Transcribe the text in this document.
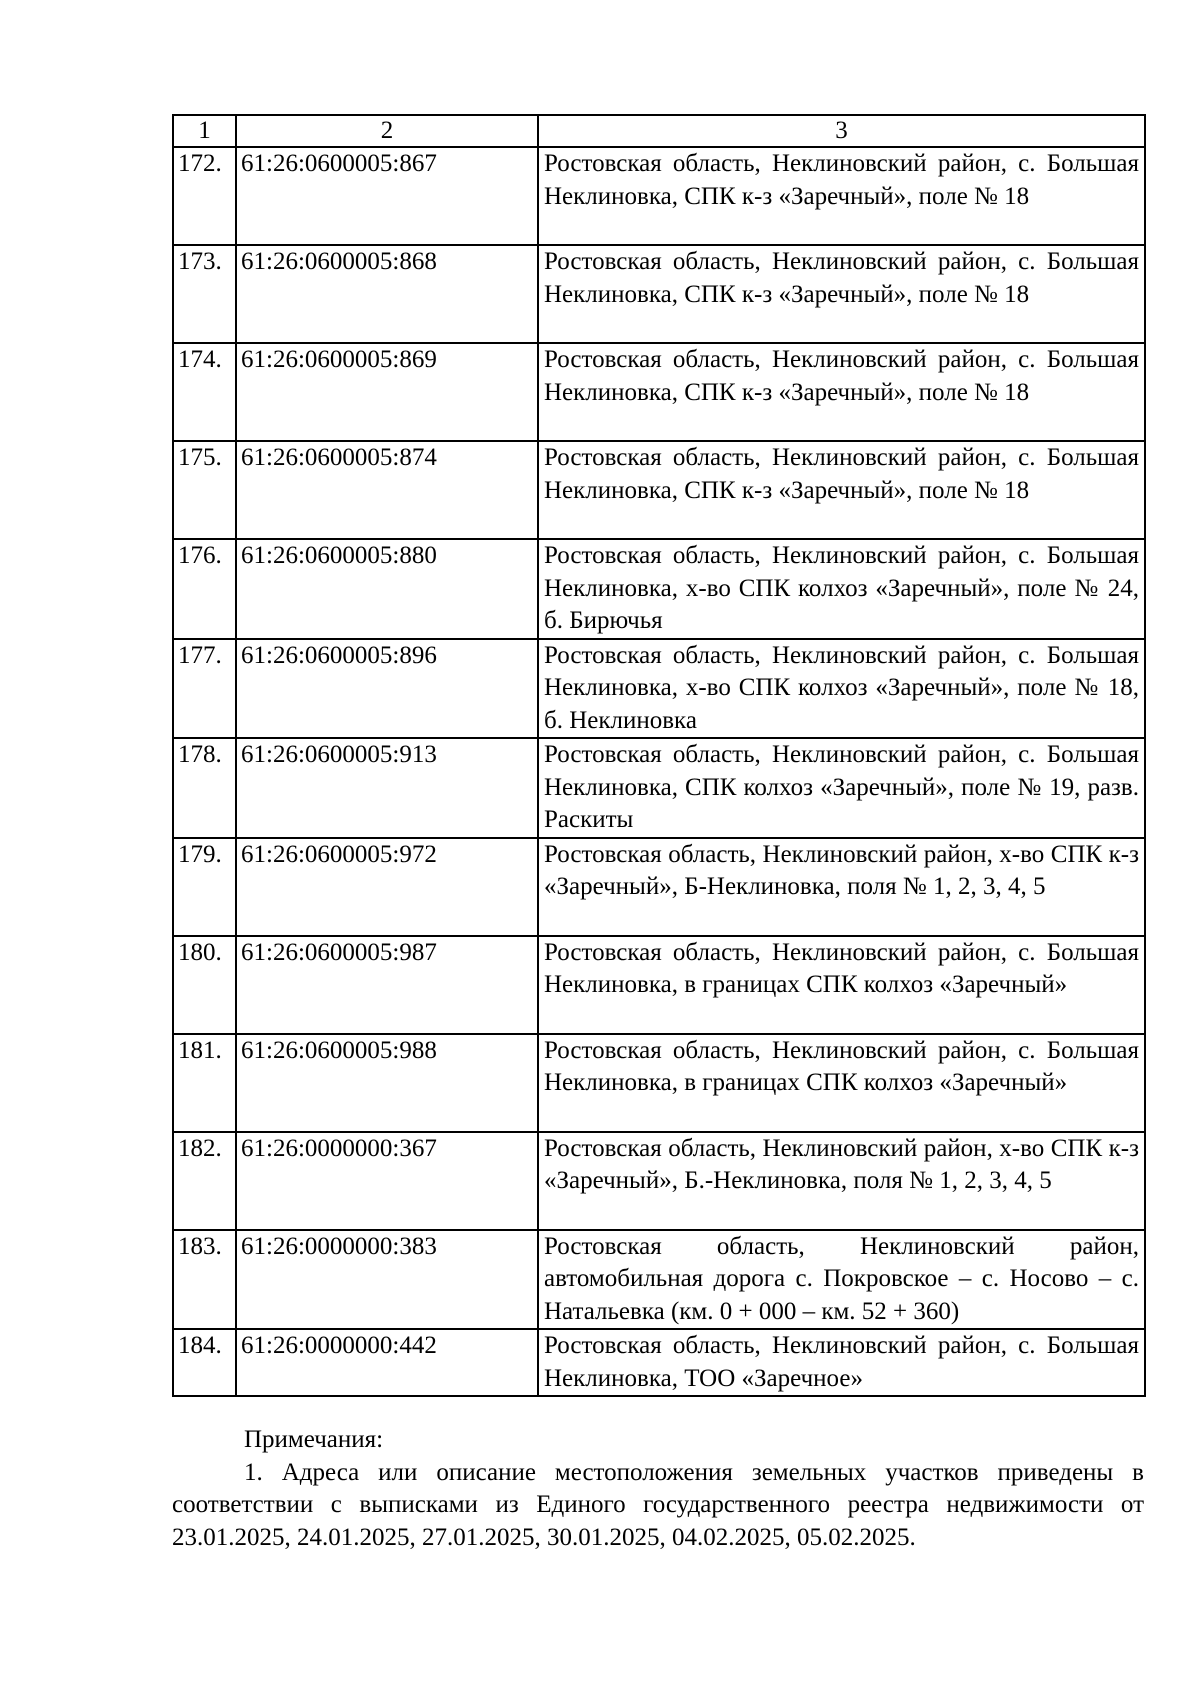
1	2	3
172.	61:26:0600005:867	Ростовская область, Неклиновский район, с. Большая Неклиновка, СПК к-з «Заречный», поле № 18
173.	61:26:0600005:868	Ростовская область, Неклиновский район, с. Большая Неклиновка, СПК к-з «Заречный», поле № 18
174.	61:26:0600005:869	Ростовская область, Неклиновский район, с. Большая Неклиновка, СПК к-з «Заречный», поле № 18
175.	61:26:0600005:874	Ростовская область, Неклиновский район, с. Большая Неклиновка, СПК к-з «Заречный», поле № 18
176.	61:26:0600005:880	Ростовская область, Неклиновский район, с. Большая Неклиновка, х-во СПК колхоз «Заречный», поле № 24, б. Бирючья
177.	61:26:0600005:896	Ростовская область, Неклиновский район, с. Большая Неклиновка, х-во СПК колхоз «Заречный», поле № 18, б. Неклиновка
178.	61:26:0600005:913	Ростовская область, Неклиновский район, с. Большая Неклиновка, СПК колхоз «Заречный», поле № 19, разв. Раскиты
179.	61:26:0600005:972	Ростовская область, Неклиновский район, х-во СПК к-з «Заречный», Б-Неклиновка, поля № 1, 2, 3, 4, 5
180.	61:26:0600005:987	Ростовская область, Неклиновский район, с. Большая Неклиновка, в границах СПК колхоз «Заречный»
181.	61:26:0600005:988	Ростовская область, Неклиновский район, с. Большая Неклиновка, в границах СПК колхоз «Заречный»
182.	61:26:0000000:367	Ростовская область, Неклиновский район, х-во СПК к-з «Заречный», Б.-Неклиновка, поля № 1, 2, 3, 4, 5
183.	61:26:0000000:383	Ростовская область, Неклиновский район, автомобильная дорога с. Покровское – с. Носово – с. Натальевка (км. 0 + 000 – км. 52 + 360)
184.	61:26:0000000:442	Ростовская область, Неклиновский район, с. Большая Неклиновка, ТОО «Заречное»

Примечания:

1. Адреса или описание местоположения земельных участков приведены в соответствии с выписками из Единого государственного реестра недвижимости от 23.01.2025, 24.01.2025, 27.01.2025, 30.01.2025, 04.02.2025, 05.02.2025.
